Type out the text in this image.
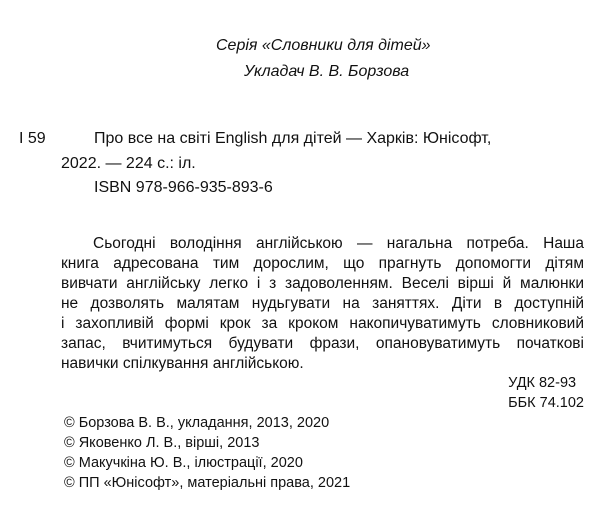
Серія «Словники для дітей»
Укладач В. В. Борзова
І 59	Про все на світі English для дітей — Харків: Юнісофт,
2022. — 224 с.: іл.
ISBN 978-966-935-893-6
Сьогодні володіння англійською — нагальна потреба. Наша
книга адресована тим дорослим, що прагнуть допомогти дітям
вивчати англійську легко і з задоволенням. Веселі вірші й малюнки
не дозволять малятам нудьгувати на заняттях. Діти в доступній
і захопливій формі крок за кроком накопичуватимуть словниковий
запас, вчитимуться будувати фрази, опановуватимуть початкові
навички спілкування англійською.
УДК 82-93
ББК 74.102
© Борзова В. В., укладання, 2013, 2020
© Яковенко Л. В., вірші, 2013
© Макучкіна Ю. В., ілюстрації, 2020
© ПП «Юнісофт», матеріальні права, 2021
